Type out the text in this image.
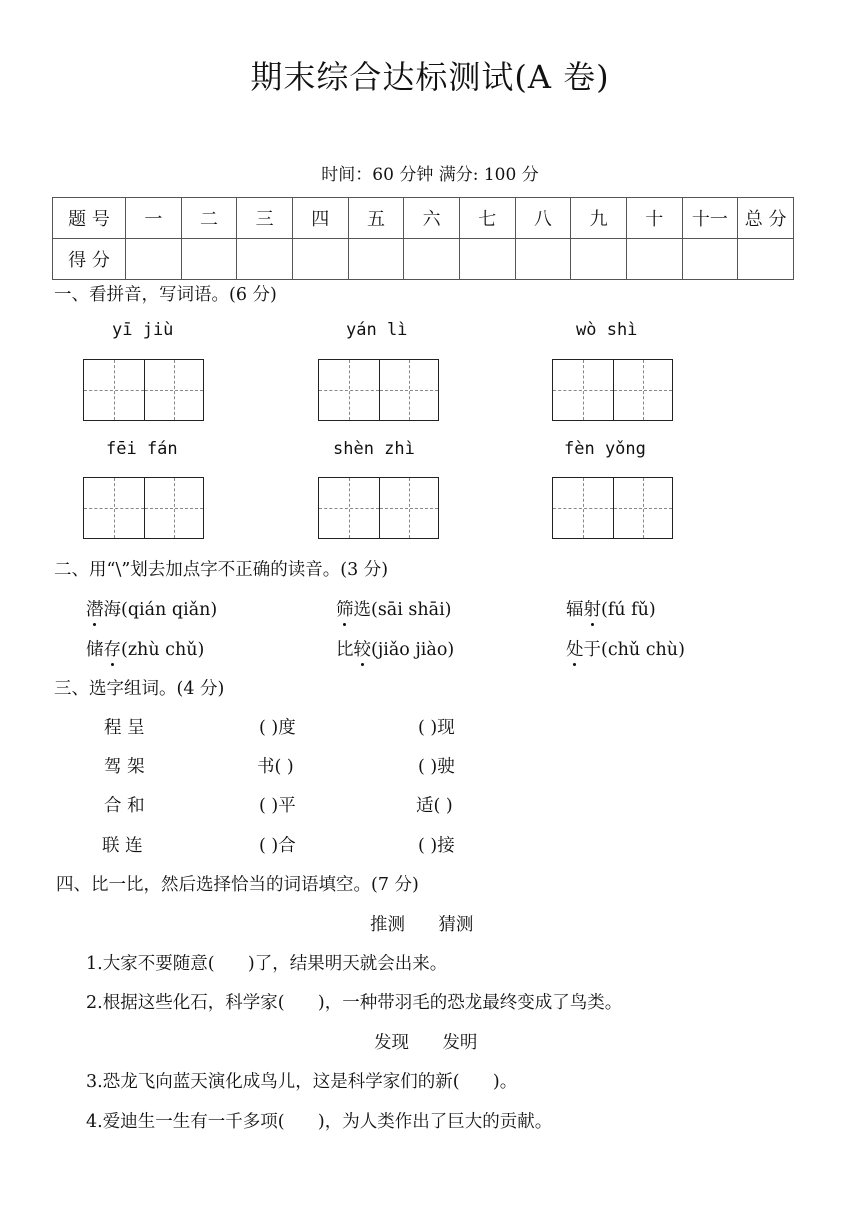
期末综合达标测试(A 卷)
时间：60 分钟 满分: 100 分
题 号	一	二	三	四	五	六	七	八	九	十	十一	总 分
得 分												
一、看拼音，写词语。(6 分)
yī jiù	yán lì	wò shì
fēi fán	shèn zhì	fèn yǒng
二、用“\”划去加点字不正确的读音。(3 分)
潜海(qián qiǎn)	筛选(sāi shāi)	辐射(fú fǔ)
储存(zhù chǔ)	比较(jiǎo jiào)	处于(chǔ chù)
三、选字组词。(4 分)
程 呈	( )度	( )现
驾 架	书( )	( )驶
合 和	( )平	适( )
联 连	( )合	( )接
四、比一比，然后选择恰当的词语填空。(7 分)
推测      猜测
1.大家不要随意(      )了，结果明天就会出来。
2.根据这些化石，科学家(      )，一种带羽毛的恐龙最终变成了鸟类。
发现      发明
3.恐龙飞向蓝天演化成鸟儿，这是科学家们的新(      )。
4.爱迪生一生有一千多项(      )，为人类作出了巨大的贡献。
